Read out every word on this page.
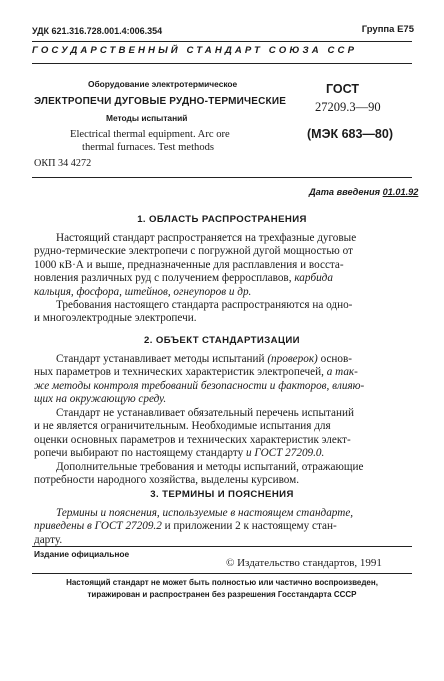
УДК 621.316.728.001.4:006.354	Группа Е75
ГОСУДАРСТВЕННЫЙ СТАНДАРТ СОЮЗА ССР
Оборудование электротермическое
ЭЛЕКТРОПЕЧИ ДУГОВЫЕ РУДНО-ТЕРМИЧЕСКИЕ
Методы испытаний
Electrical thermal equipment. Arc ore
thermal furnaces. Test methods
ОКП 34 4272
ГОСТ
27209.3—90
(МЭК 683—80)
Дата введения 01.01.92
1. ОБЛАСТЬ РАСПРОСТРАНЕНИЯ
Настоящий стандарт распространяется на трехфазные дуговые
рудно-термические электропечи с погружной дугой мощностью от
1000 кВ·А и выше, предназначенные для расплавления и восста-
новления различных руд с получением ферросплавов, карбида
кальция, фосфора, штейнов, огнеупоров и др.
Требования настоящего стандарта распространяются на одно-
и многоэлектродные электропечи.
2. ОБЪЕКТ СТАНДАРТИЗАЦИИ
Стандарт устанавливает методы испытаний (проверок) основ-
ных параметров и технических характеристик электропечей, а так-
же методы контроля требований безопасности и факторов, влияю-
щих на окружающую среду.
Стандарт не устанавливает обязательный перечень испытаний
и не является ограничительным. Необходимые испытания для
оценки основных параметров и технических характеристик элект-
ропечи выбирают по настоящему стандарту и ГОСТ 27209.0.
Дополнительные требования и методы испытаний, отражающие
потребности народного хозяйства, выделены курсивом.
3. ТЕРМИНЫ И ПОЯСНЕНИЯ
Термины и пояснения, используемые в настоящем стандарте,
приведены в ГОСТ 27209.2 и приложении 2 к настоящему стан-
дарту.
Издание официальное
© Издательство стандартов, 1991
Настоящий стандарт не может быть полностью или частично воспроизведен,
тиражирован и распространен без разрешения Госстандарта СССР
